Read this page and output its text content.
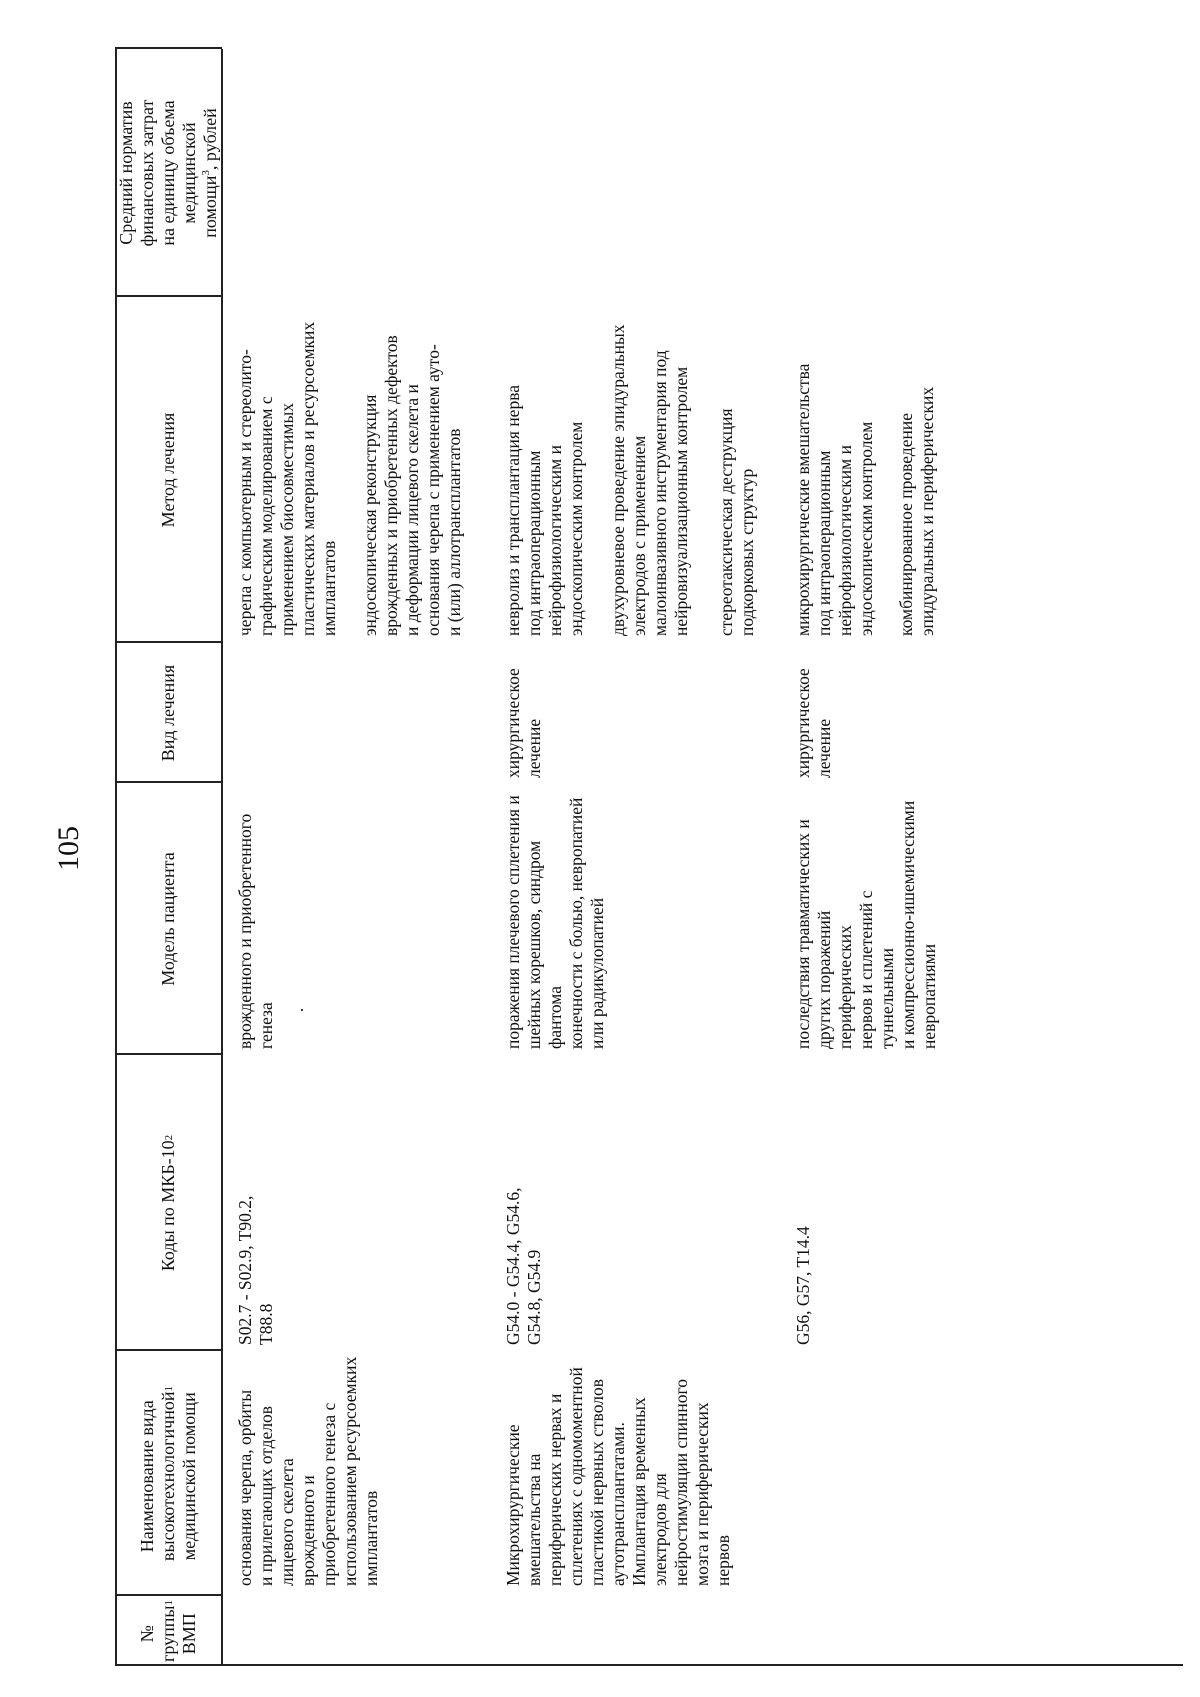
105
№
группы
ВМП
1
Наименование вида
высокотехнологичной
медицинской помощи
1
Коды по МКБ-10
2
Модель пациента
Вид лечения
Метод лечения
Средний норматив
финансовых затрат
на единицу объема
медицинской
помощи$^3$, рублей
основания черепа, орбиты
и прилегающих отделов
лицевого скелета
врожденного и
приобретенного генеза с
использованием ресурсоемких
имплантатов
S02.7 - S02.9, T90.2,
T88.8
врожденного и приобретенного
генеза
черепа с компьютерным и стереолито-
графическим моделированием с
применением биосовместимых
пластических материалов и ресурсоемких
имплантатов эндоскопическая реконструкция
врожденных и приобретенных дефектов
и деформации лицевого скелета и
основания черепа с применением ауто-
и (или) аллотрансплантатов
·
Микрохирургические
вмешательства на
периферических нервах и
сплетениях с одномоментной
пластикой нервных стволов
аутотрансплантатами.
Имплантация временных
электродов для
нейростимуляции спинного
мозга и периферических
нервов
G54.0 - G54.4, G54.6,
G54.8, G54.9
поражения плечевого сплетения и
шейных корешков, синдром фантома
конечности с болью, невропатией
или радикулопатией
хирургическое
лечение
невролиз и трансплантация нерва
под интраоперационным
нейрофизиологическим и
эндоскопическим контролем
двухуровневое проведение эпидуральных
электродов с применением
малоинвазивного инструментария под
нейровизуализационным контролем
стереотаксическая деструкция
подкорковых структур
G56, G57, T14.4
последствия травматических и
других поражений периферических
нервов и сплетений с туннельными
и компрессионно-ишемическими
невропатиями
хирургическое
лечение
микрохирургические вмешательства
под интраоперационным
нейрофизиологическим и
эндоскопическим контролем
комбинированное проведение
эпидуральных и периферических
